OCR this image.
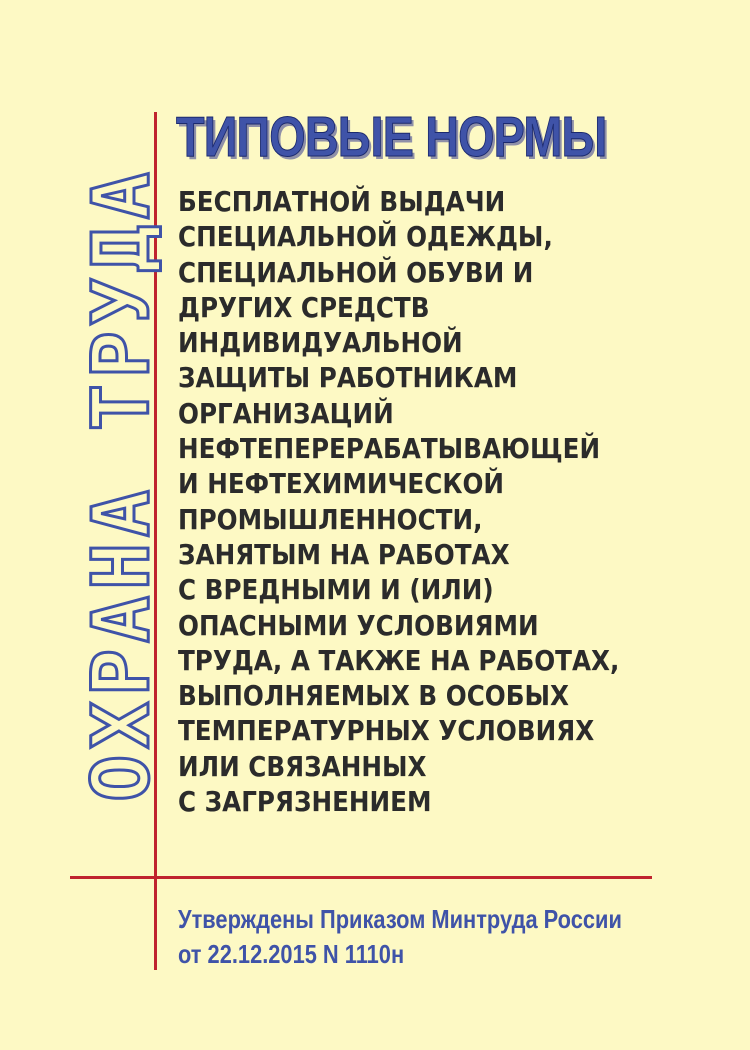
ОХРАНА ТРУДА
ТИПОВЫЕ НОРМЫ
БЕСПЛАТНОЙ ВЫДАЧИ
СПЕЦИАЛЬНОЙ ОДЕЖДЫ,
СПЕЦИАЛЬНОЙ ОБУВИ И
ДРУГИХ СРЕДСТВ
ИНДИВИДУАЛЬНОЙ
ЗАЩИТЫ РАБОТНИКАМ
ОРГАНИЗАЦИЙ
НЕФТЕПЕРЕРАБАТЫВАЮЩЕЙ
И НЕФТЕХИМИЧЕСКОЙ
ПРОМЫШЛЕННОСТИ,
ЗАНЯТЫМ НА РАБОТАХ
С ВРЕДНЫМИ И (ИЛИ)
ОПАСНЫМИ УСЛОВИЯМИ
ТРУДА, А ТАКЖЕ НА РАБОТАХ,
ВЫПОЛНЯЕМЫХ В ОСОБЫХ
ТЕМПЕРАТУРНЫХ УСЛОВИЯХ
ИЛИ СВЯЗАННЫХ
С ЗАГРЯЗНЕНИЕМ
Утверждены Приказом Минтруда России
от 22.12.2015 N 1110н
